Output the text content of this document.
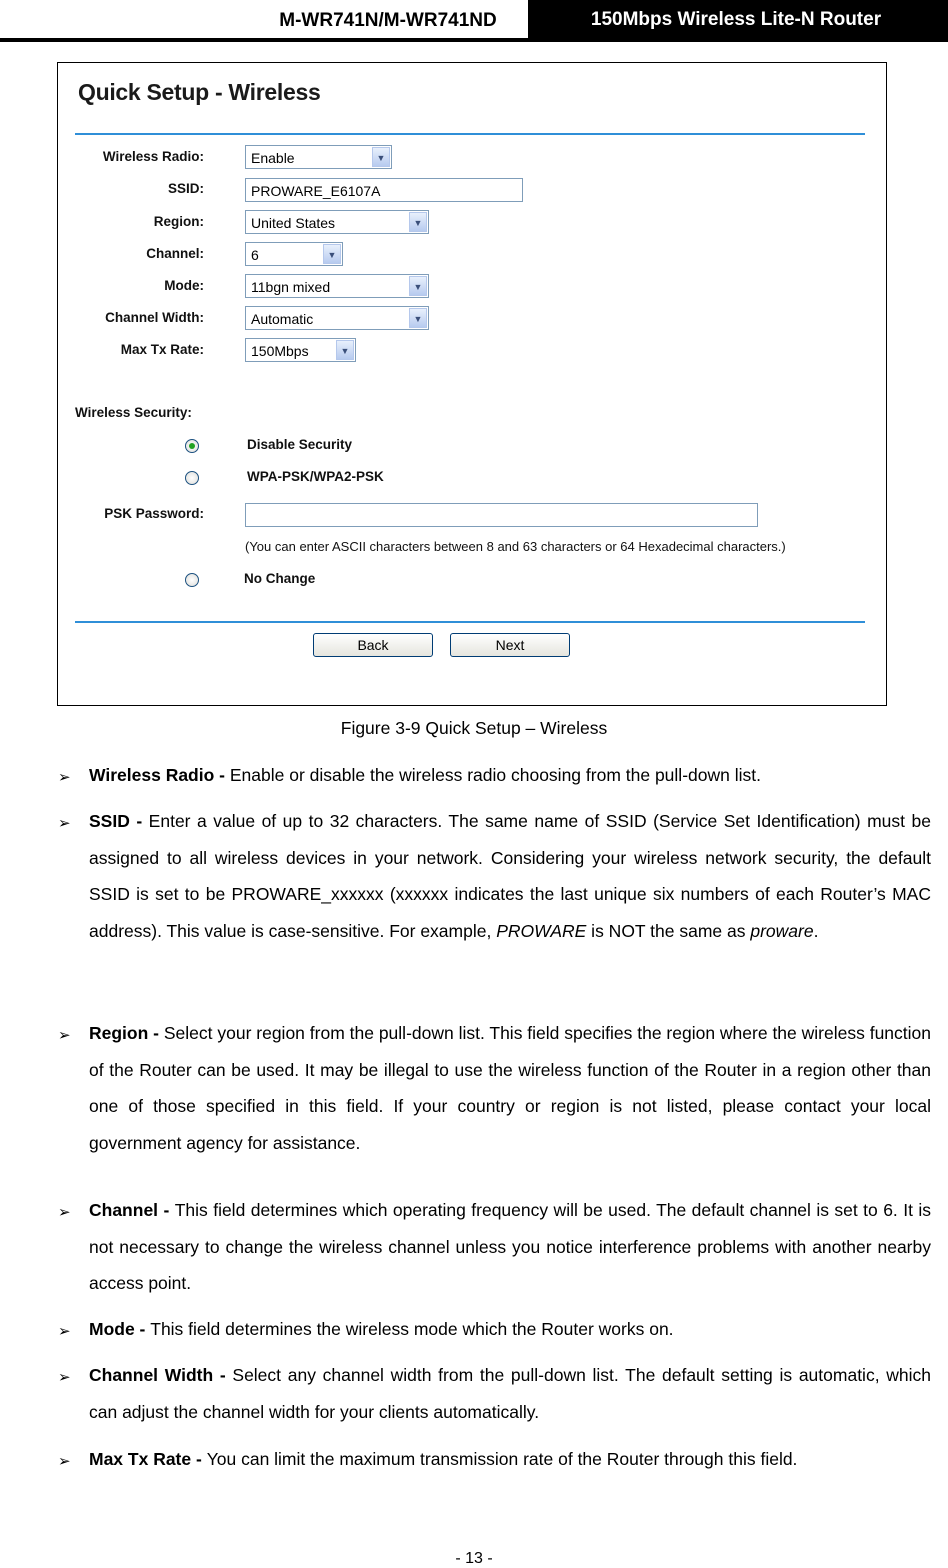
M-WR741N/M-WR741ND	150Mbps Wireless Lite-N Router
Quick Setup - Wireless
Wireless Radio:	Enable	▼
SSID:	PROWARE_E6107A
Region:	United States	▼
Channel:	6	▼
Mode:	11bgn mixed	▼
Channel Width:	Automatic	▼
Max Tx Rate:	150Mbps	▼
Wireless Security:
Disable Security
WPA-PSK/WPA2-PSK
PSK Password:
(You can enter ASCII characters between 8 and 63 characters or 64 Hexadecimal characters.)
No Change
Back	Next
Figure 3-9 Quick Setup – Wireless
➢ Wireless Radio - Enable or disable the wireless radio choosing from the pull-down list.
➢ SSID - Enter a value of up to 32 characters. The same name of SSID (Service Set Identification) must be assigned to all wireless devices in your network. Considering your wireless network security, the default SSID is set to be PROWARE_xxxxxx (xxxxxx indicates the last unique six numbers of each Router’s MAC address). This value is case-sensitive. For example, PROWARE is NOT the same as proware.
➢ Region - Select your region from the pull-down list. This field specifies the region where the wireless function of the Router can be used. It may be illegal to use the wireless function of the Router in a region other than one of those specified in this field. If your country or region is not listed, please contact your local government agency for assistance.
➢ Channel - This field determines which operating frequency will be used. The default channel is set to 6. It is not necessary to change the wireless channel unless you notice interference problems with another nearby access point.
➢ Mode - This field determines the wireless mode which the Router works on.
➢ Channel Width - Select any channel width from the pull-down list. The default setting is automatic, which can adjust the channel width for your clients automatically.
➢ Max Tx Rate - You can limit the maximum transmission rate of the Router through this field.
- 13 -
